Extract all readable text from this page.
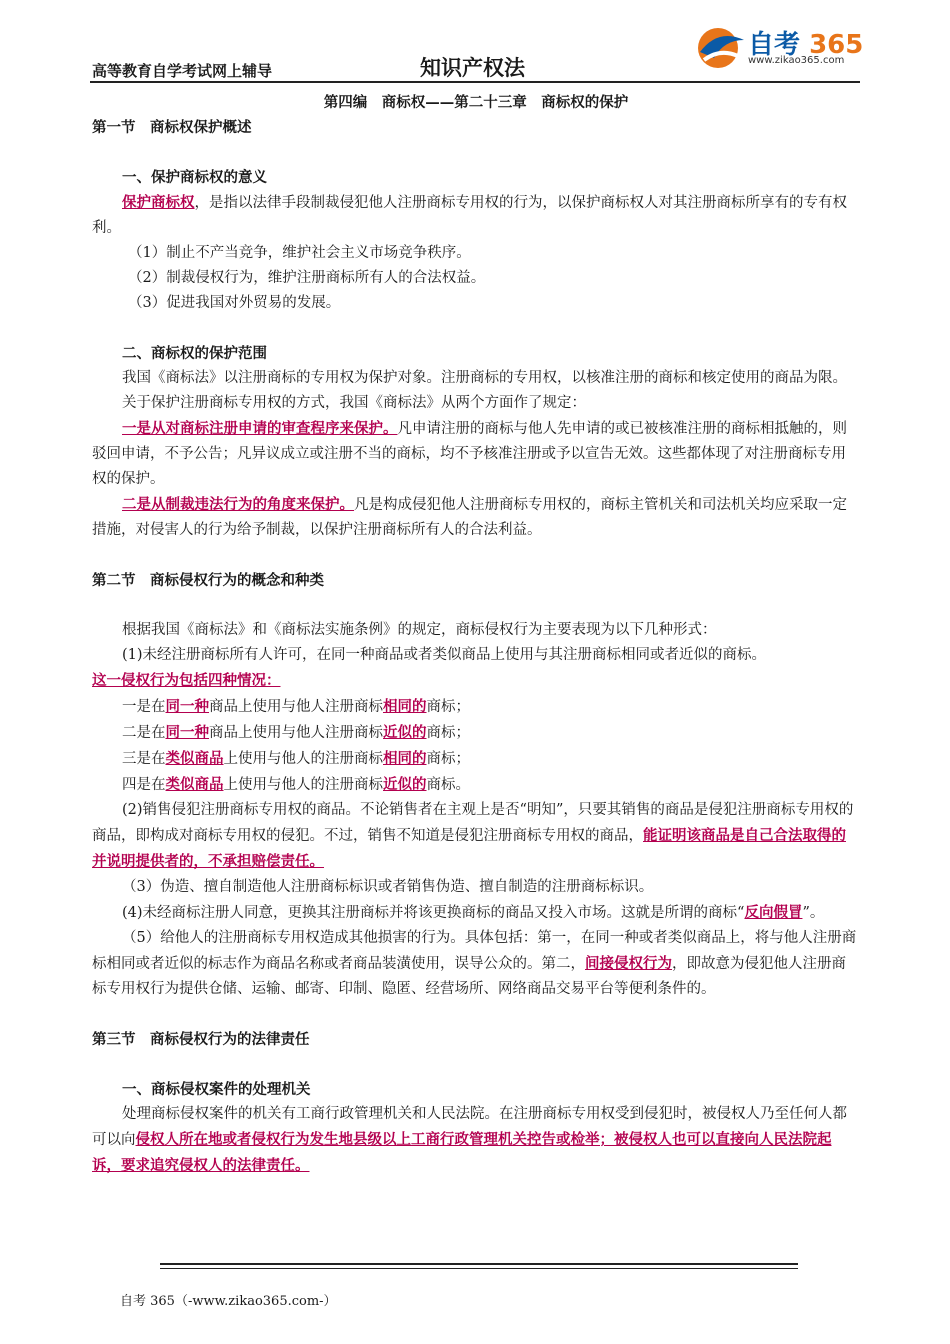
高等教育自学考试网上辅导	知识产权法
自考 365
www.zikao365.com

第四编　商标权——第二十三章　商标权的保护

第一节　商标权保护概述

一、保护商标权的意义

保护商标权，是指以法律手段制裁侵犯他人注册商标专用权的行为，以保护商标权人对其注册商标所享有的专有权利。

（1）制止不产当竞争，维护社会主义市场竞争秩序。

（2）制裁侵权行为，维护注册商标所有人的合法权益。

（3）促进我国对外贸易的发展。

二、商标权的保护范围

我国《商标法》以注册商标的专用权为保护对象。注册商标的专用权，以核准注册的商标和核定使用的商品为限。

关于保护注册商标专用权的方式，我国《商标法》从两个方面作了规定：

一是从对商标注册申请的审查程序来保护。凡申请注册的商标与他人先申请的或已被核准注册的商标相抵触的，则驳回申请，不予公告；凡异议成立或注册不当的商标，均不予核准注册或予以宣告无效。这些都体现了对注册商标专用权的保护。

二是从制裁违法行为的角度来保护。凡是构成侵犯他人注册商标专用权的，商标主管机关和司法机关均应采取一定措施，对侵害人的行为给予制裁，以保护注册商标所有人的合法利益。

第二节　商标侵权行为的概念和种类

根据我国《商标法》和《商标法实施条例》的规定，商标侵权行为主要表现为以下几种形式：

(1)未经注册商标所有人许可，在同一种商品或者类似商品上使用与其注册商标相同或者近似的商标。

这一侵权行为包括四种情况：

一是在同一种商品上使用与他人注册商标相同的商标；

二是在同一种商品上使用与他人注册商标近似的商标；

三是在类似商品上使用与他人的注册商标相同的商标；

四是在类似商品上使用与他人的注册商标近似的商标。

(2)销售侵犯注册商标专用权的商品。不论销售者在主观上是否“明知”，只要其销售的商品是侵犯注册商标专用权的商品，即构成对商标专用权的侵犯。不过，销售不知道是侵犯注册商标专用权的商品，能证明该商品是自己合法取得的并说明提供者的，不承担赔偿责任。

（3）伪造、擅自制造他人注册商标标识或者销售伪造、擅自制造的注册商标标识。

(4)未经商标注册人同意，更换其注册商标并将该更换商标的商品又投入市场。这就是所谓的商标“反向假冒”。

（5）给他人的注册商标专用权造成其他损害的行为。具体包括：第一，在同一种或者类似商品上，将与他人注册商标相同或者近似的标志作为商品名称或者商品装潢使用，误导公众的。第二，间接侵权行为，即故意为侵犯他人注册商标专用权行为提供仓储、运输、邮寄、印制、隐匿、经营场所、网络商品交易平台等便利条件的。

第三节　商标侵权行为的法律责任

一、商标侵权案件的处理机关

处理商标侵权案件的机关有工商行政管理机关和人民法院。在注册商标专用权受到侵犯时，被侵权人乃至任何人都可以向侵权人所在地或者侵权行为发生地县级以上工商行政管理机关控告或检举；被侵权人也可以直接向人民法院起诉，要求追究侵权人的法律责任。

自考 365（-www.zikao365.com-）
